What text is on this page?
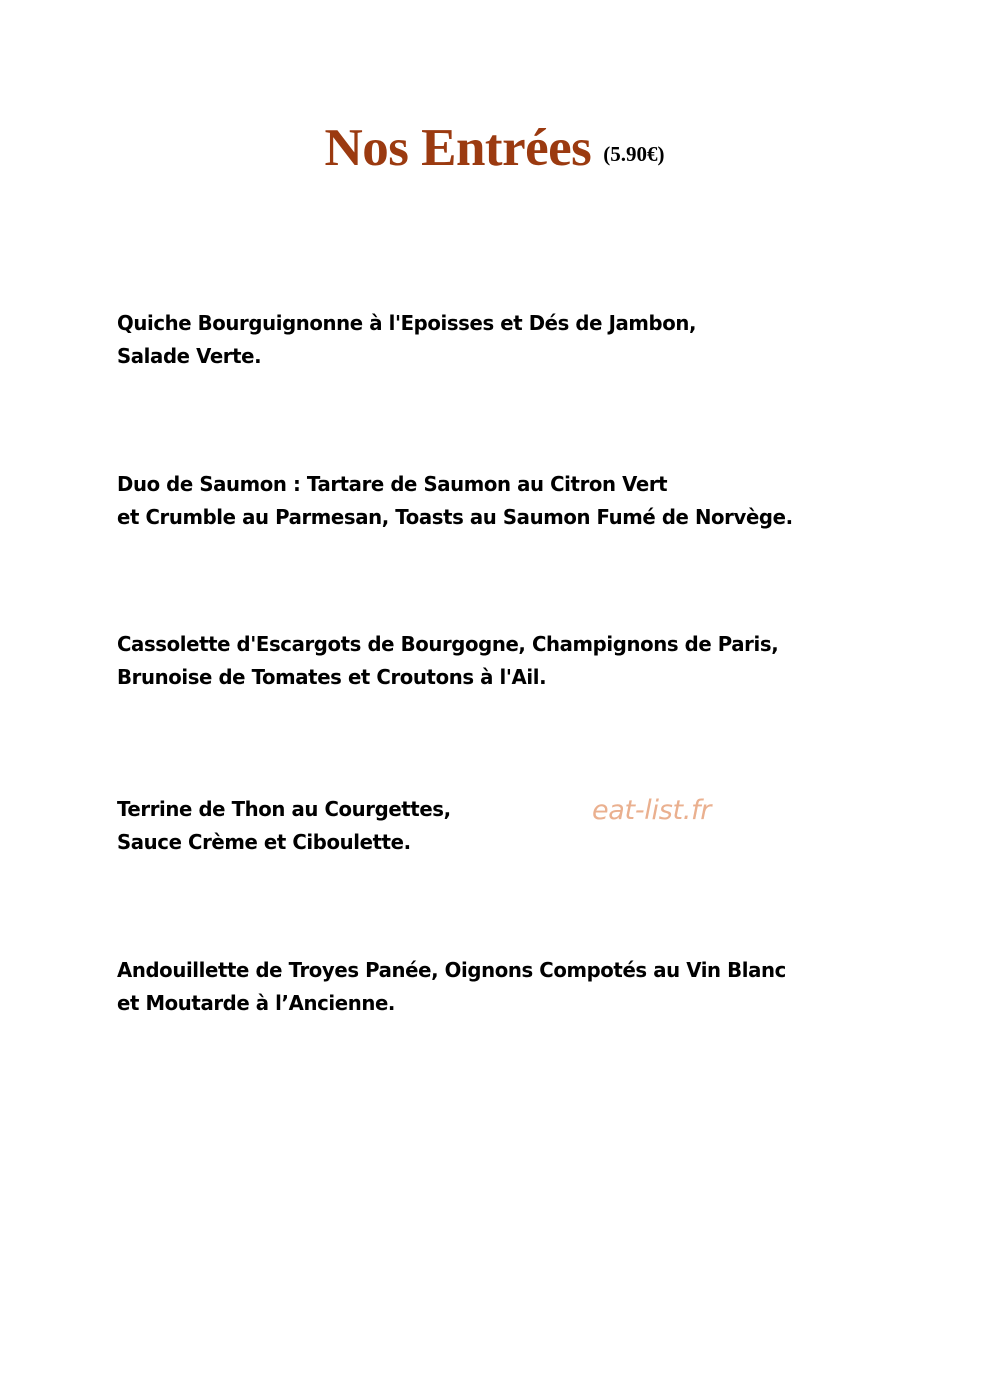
Nos Entrées (5.90€)
Quiche Bourguignonne à l'Epoisses et Dés de Jambon,
Salade Verte.
Duo de Saumon : Tartare de Saumon au Citron Vert
et Crumble au Parmesan, Toasts au Saumon Fumé de Norvège.
Cassolette d'Escargots de Bourgogne, Champignons de Paris,
Brunoise de Tomates et Croutons à l'Ail.
Terrine de Thon au Courgettes,
Sauce Crème et Ciboulette.
Andouillette de Troyes Panée, Oignons Compotés au Vin Blanc
et Moutarde à l’Ancienne.
eat-list.fr
